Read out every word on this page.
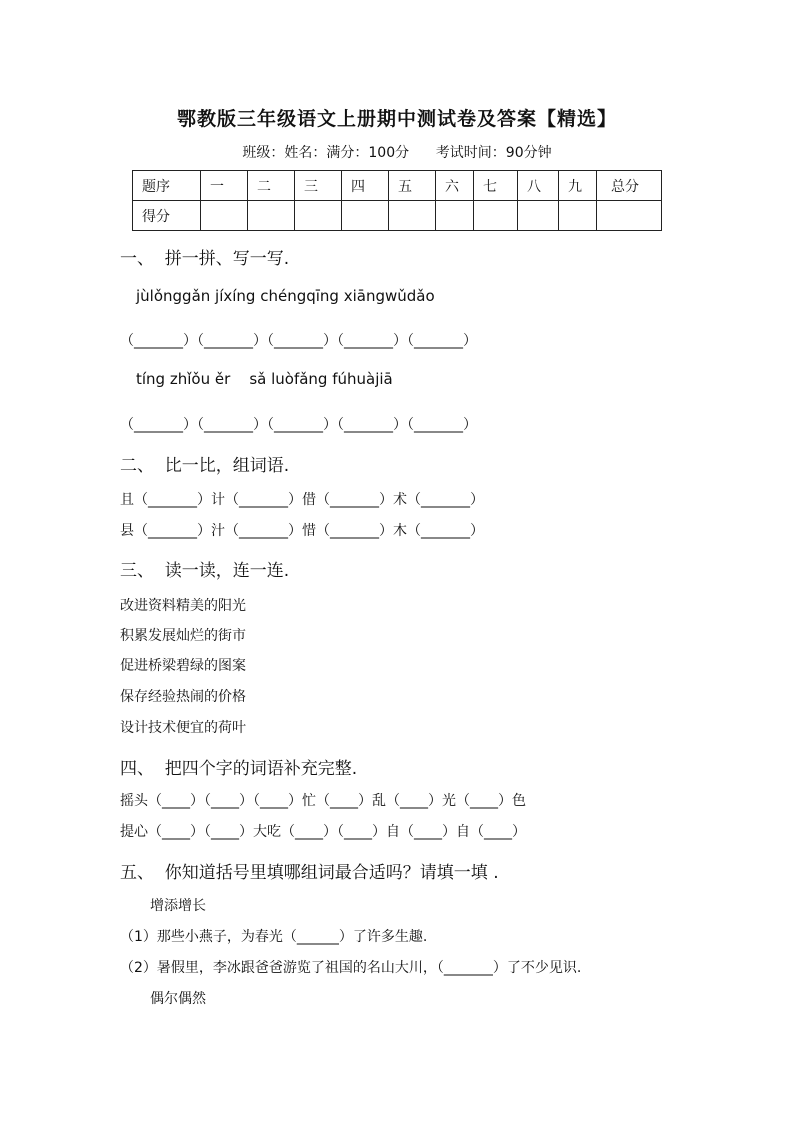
鄂教版三年级语文上册期中测试卷及答案【精选】
班级：姓名：满分：100分      考试时间：90分钟
题序	一	二	三	四	五	六	七	八	九	总分
得分										
一、  拼一拼、写一写.
jùlǒnggǎn jíxíng chéngqīng xiāngwǔdǎo
（_______）（_______）（_______）（_______）（_______）
tíng zhǐǒu ěr    sǎ luòfǎng fúhuàjiā
（_______）（_______）（_______）（_______）（_______）
二、  比一比，组词语.
且（_______）计（_______）借（_______）术（_______）
县（_______）汁（_______）惜（_______）木（_______）
三、  读一读，连一连.
改进资料精美的阳光
积累发展灿烂的街市
促进桥梁碧绿的图案
保存经验热闹的价格
设计技术便宜的荷叶
四、  把四个字的词语补充完整.
摇头（____）（____）（____）忙（____）乱（____）光（____）色
提心（____）（____）大吃（____）（____）自（____）自（____）
五、  你知道括号里填哪组词最合适吗？请填一填 .
增添增长
（1）那些小燕子，为春光（______）了许多生趣.
（2）暑假里，李冰跟爸爸游览了祖国的名山大川，（_______）了不少见识.
偶尔偶然
